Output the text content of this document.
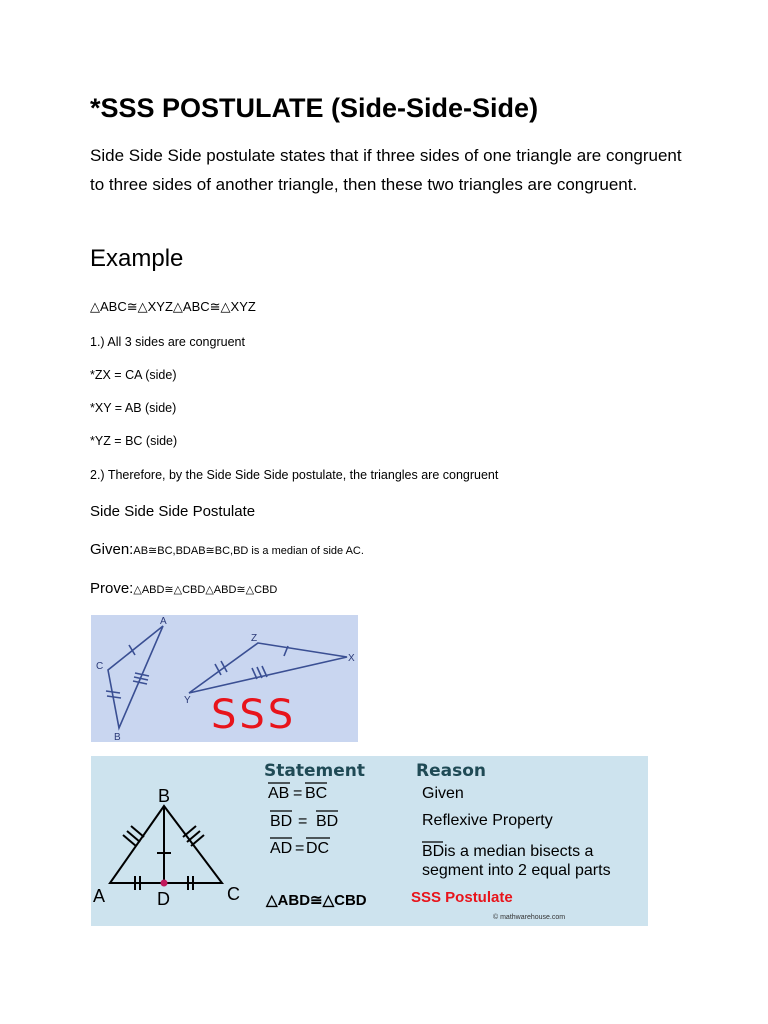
*SSS POSTULATE (Side-Side-Side)
Side Side Side postulate states that if three sides of one triangle are congruent to three sides of another triangle, then these two triangles are congruent.
Example
△ABC≅△XYZ△ABC≅△XYZ
1.) All 3 sides are congruent
*ZX = CA (side)
*XY = AB (side)
*YZ = BC (side)
2.) Therefore, by the Side Side Side postulate, the triangles are congruent
Side Side Side Postulate
Given:AB≅BC,BDAB≅BC,BD is a median of side AC.
Prove:△ABD≅△CBD△ABD≅△CBD
A
C
B
Z
X
Y SSS
B
A	D	C
Statement	Reason
AB = BC	Given
BD = BD	Reflexive Property
AD = DC	BD is a median bisects a
segment into 2 equal parts
△ABD≅△CBD	SSS Postulate
© mathwarehouse.com
